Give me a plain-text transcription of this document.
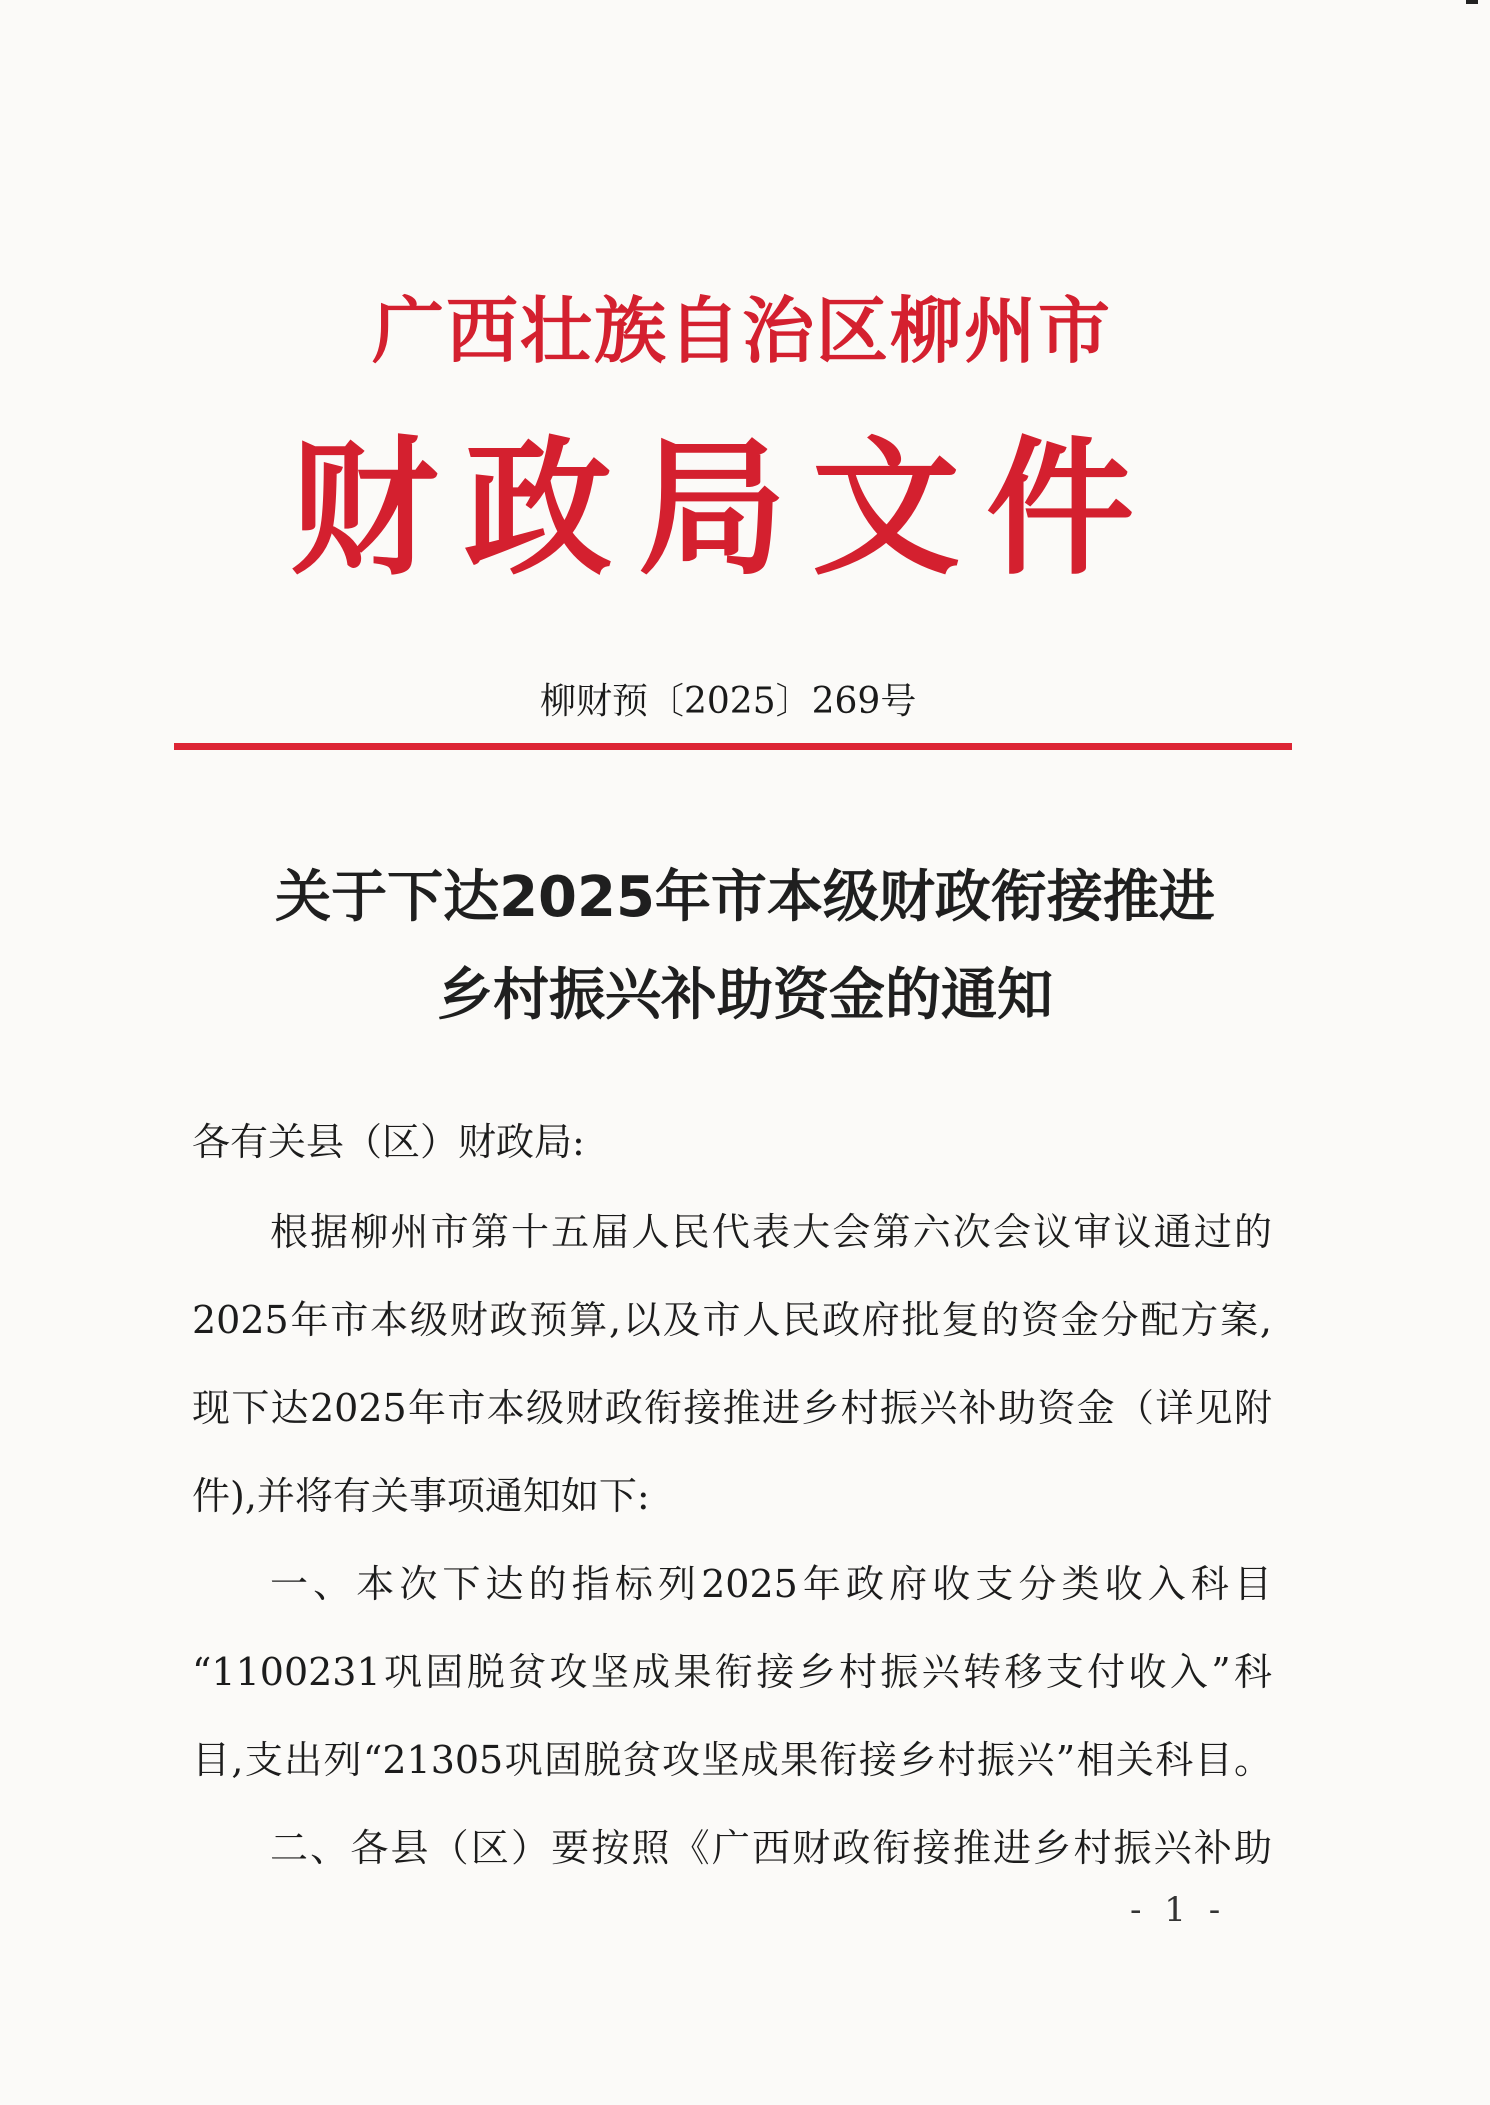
广西壮族自治区柳州市
财政局文件
柳财预〔2025〕269号
关于下达2025年市本级财政衔接推进
乡村振兴补助资金的通知
各有关县（区）财政局:
根据柳州市第十五届人民代表大会第六次会议审议通过的
2025年市本级财政预算,以及市人民政府批复的资金分配方案,
现下达2025年市本级财政衔接推进乡村振兴补助资金（详见附
件),并将有关事项通知如下:
一、本次下达的指标列2025年政府收支分类收入科目
“1100231巩固脱贫攻坚成果衔接乡村振兴转移支付收入”科
目,支出列“21305巩固脱贫攻坚成果衔接乡村振兴”相关科目。
二、各县（区）要按照《广西财政衔接推进乡村振兴补助
- 1 -
